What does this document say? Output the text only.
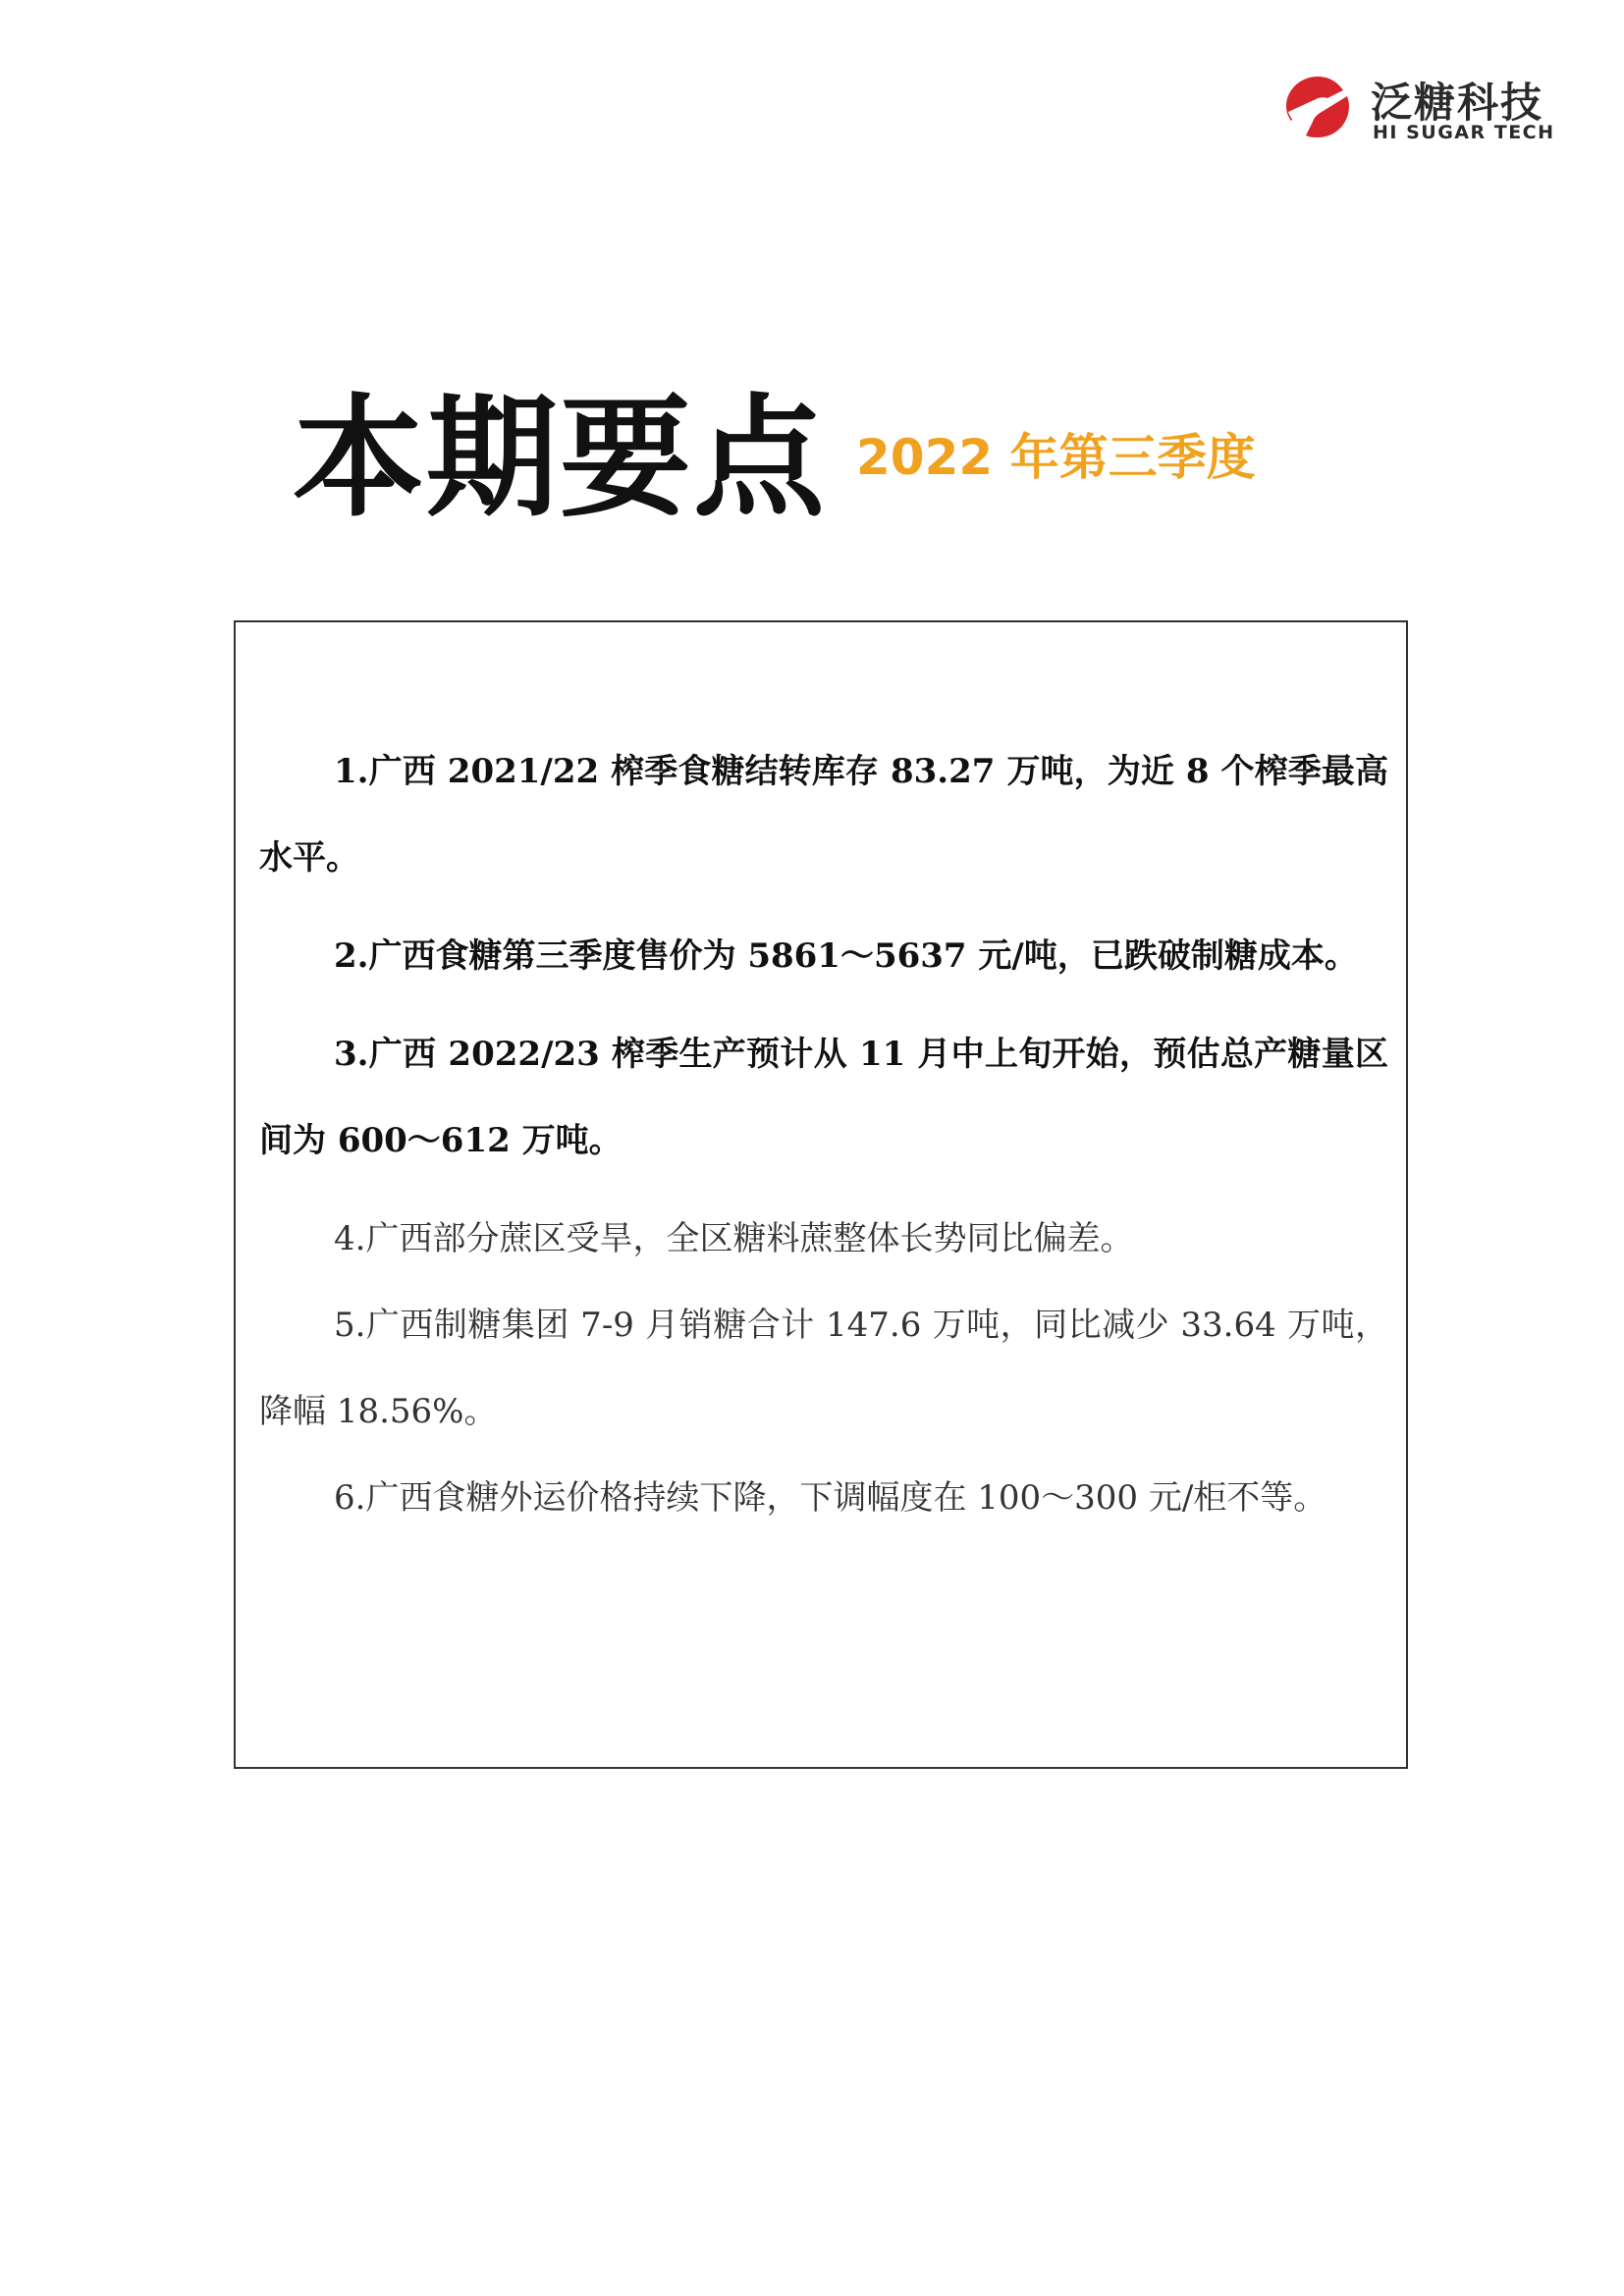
泛糖科技
HI SUGAR TECH
本期要点 2022 年第三季度
1.广西 2021/22 榨季食糖结转库存 83.27 万吨，为近 8 个榨季最高水平。
2.广西食糖第三季度售价为 5861～5637 元/吨，已跌破制糖成本。
3.广西 2022/23 榨季生产预计从 11 月中上旬开始，预估总产糖量区间为 600～612 万吨。
4.广西部分蔗区受旱，全区糖料蔗整体长势同比偏差。
5.广西制糖集团 7-9 月销糖合计 147.6 万吨，同比减少 33.64 万吨，降幅 18.56%。
6.广西食糖外运价格持续下降，下调幅度在 100～300 元/柜不等。
